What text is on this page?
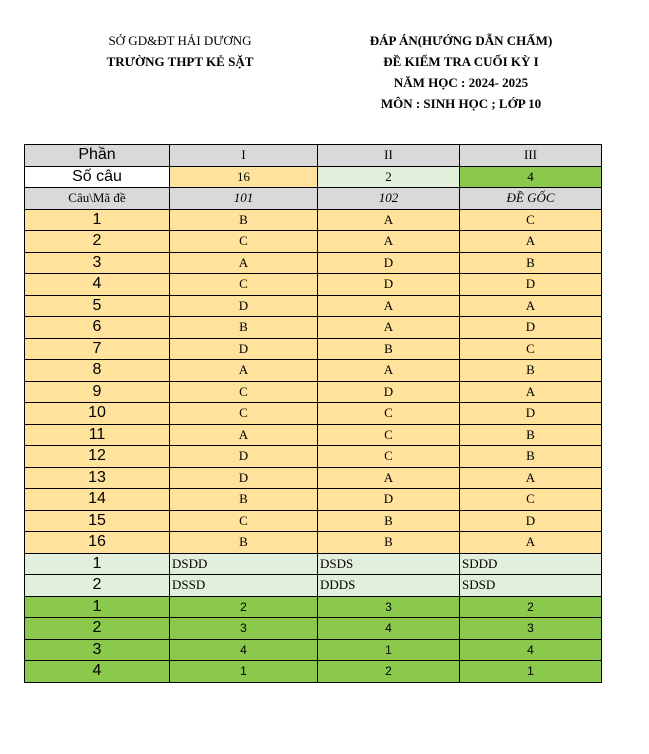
SỞ GD&ĐT HẢI DƯƠNG
TRƯỜNG THPT KẺ SẶT
ĐÁP ÁN(HƯỚNG DẪN CHẤM)
ĐỀ KIỂM TRA CUỐI KỲ I
NĂM HỌC : 2024- 2025
MÔN : SINH HỌC ; LỚP 10
Phần	I	II	III
Số câu	16	2	4
Câu\Mã đề	101	102	ĐỀ GỐC
1	B	A	C
2	C	A	A
3	A	D	B
4	C	D	D
5	D	A	A
6	B	A	D
7	D	B	C
8	A	A	B
9	C	D	A
10	C	C	D
11	A	C	B
12	D	C	B
13	D	A	A
14	B	D	C
15	C	B	D
16	B	B	A
1	DSDD	DSDS	SDDD
2	DSSD	DDDS	SDSD
1	2	3	2
2	3	4	3
3	4	1	4
4	1	2	1
